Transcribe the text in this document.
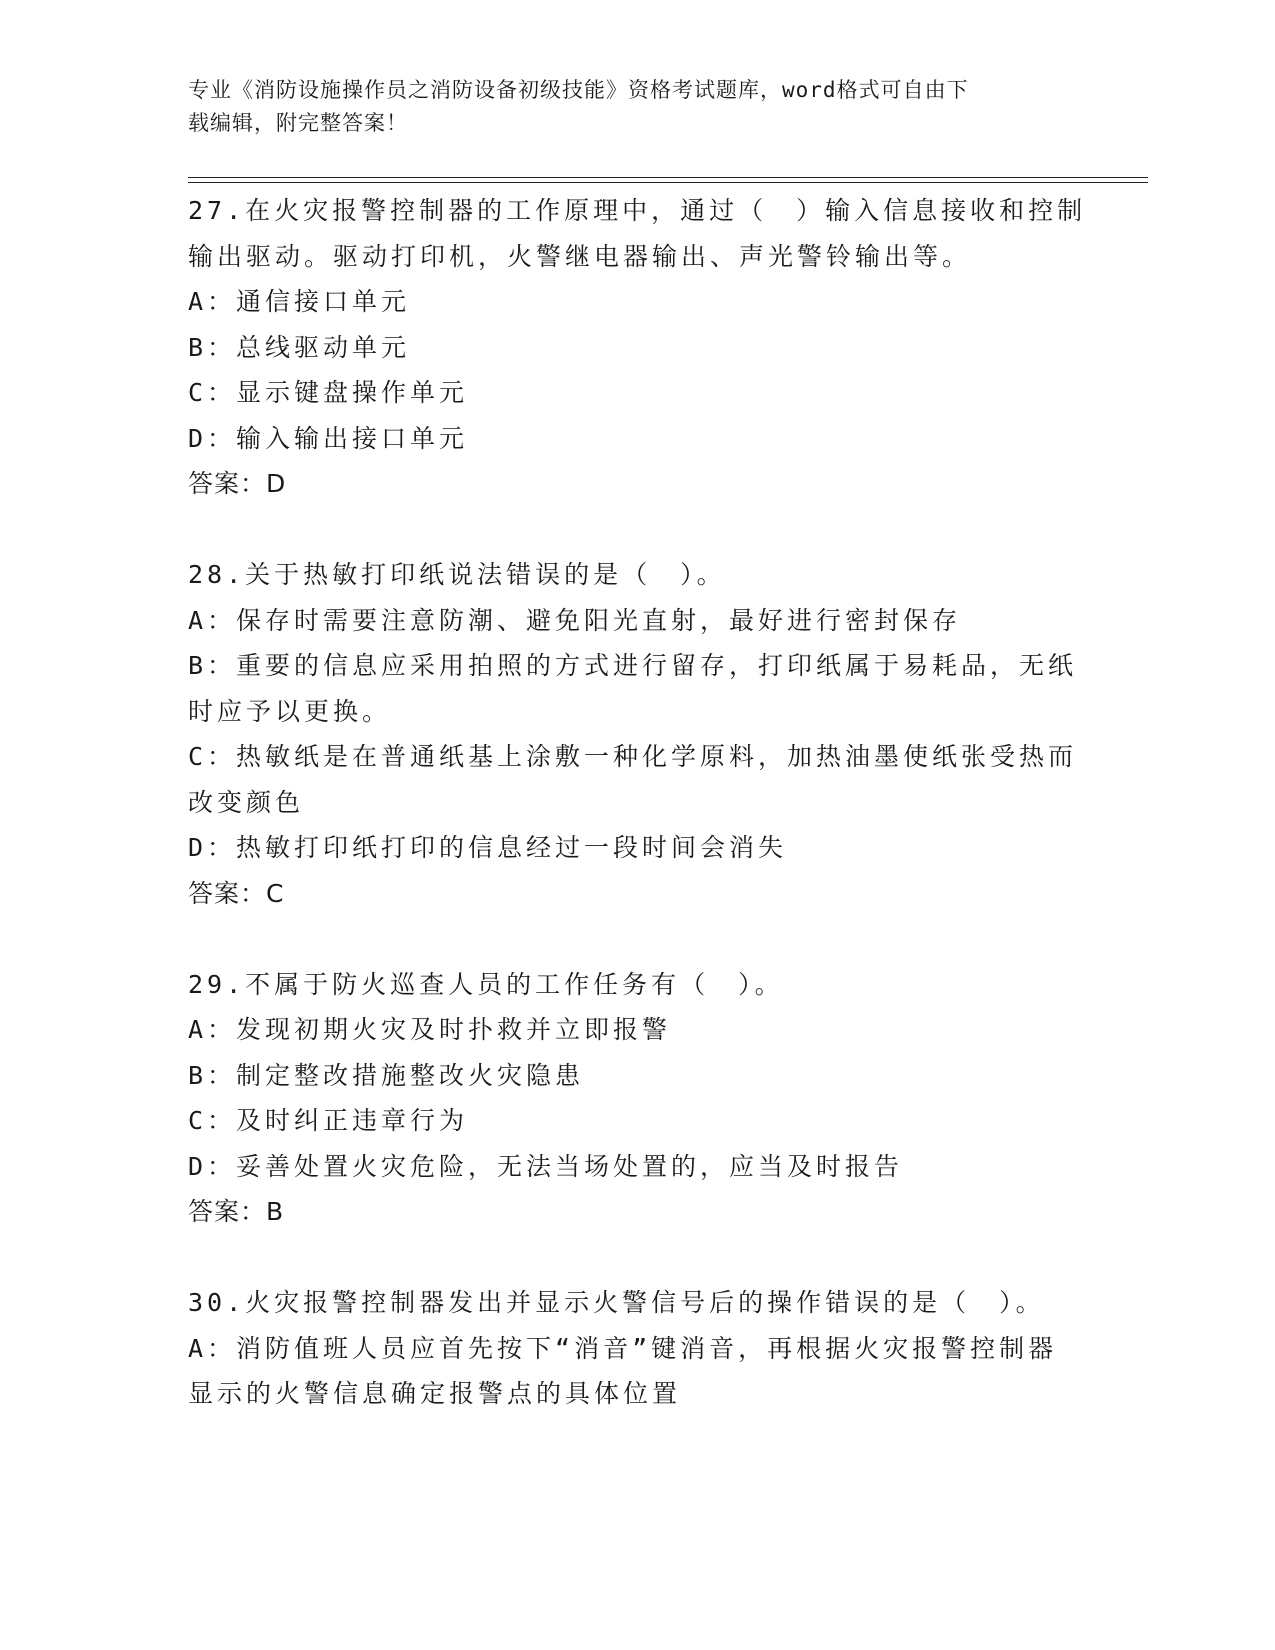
专业《消防设施操作员之消防设备初级技能》资格考试题库，word格式可自由下
载编辑，附完整答案！
27.在火灾报警控制器的工作原理中，通过（　）输入信息接收和控制
输出驱动。驱动打印机，火警继电器输出、声光警铃输出等。
A：通信接口单元
B：总线驱动单元
C：显示键盘操作单元
D：输入输出接口单元
答案：D
28.关于热敏打印纸说法错误的是（　）。
A：保存时需要注意防潮、避免阳光直射，最好进行密封保存
B：重要的信息应采用拍照的方式进行留存，打印纸属于易耗品，无纸
时应予以更换。
C：热敏纸是在普通纸基上涂敷一种化学原料，加热油墨使纸张受热而
改变颜色
D：热敏打印纸打印的信息经过一段时间会消失
答案：C
29.不属于防火巡查人员的工作任务有（　）。
A：发现初期火灾及时扑救并立即报警
B：制定整改措施整改火灾隐患
C：及时纠正违章行为
D：妥善处置火灾危险，无法当场处置的，应当及时报告
答案：B
30.火灾报警控制器发出并显示火警信号后的操作错误的是（　）。
A：消防值班人员应首先按下“消音”键消音，再根据火灾报警控制器
显示的火警信息确定报警点的具体位置
